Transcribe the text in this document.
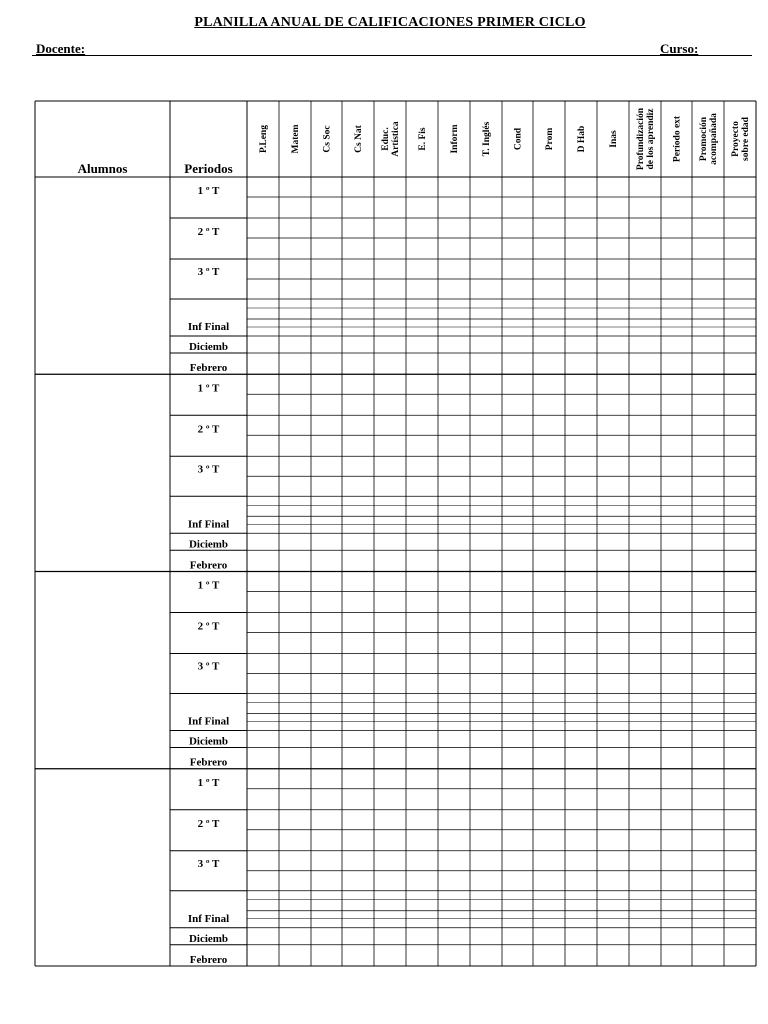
PLANILLA ANUAL DE CALIFICACIONES PRIMER CICLO
Docente:	Curso:
Alumnos	Periodos
P.Leng Matem Cs Soc Cs Nat Educ. Artística E. Fis Inform T. Inglés Cond Prom D Hab Inas Profundización de los aprendiz Período ext Promoción acompañada Proyecto sobre edad
1 º T
2 º T
3 º T
Inf Final
Diciemb
Febrero
1 º T
2 º T
3 º T
Inf Final
Diciemb
Febrero
1 º T
2 º T
3 º T
Inf Final
Diciemb
Febrero
1 º T
2 º T
3 º T
Inf Final
Diciemb
Febrero
